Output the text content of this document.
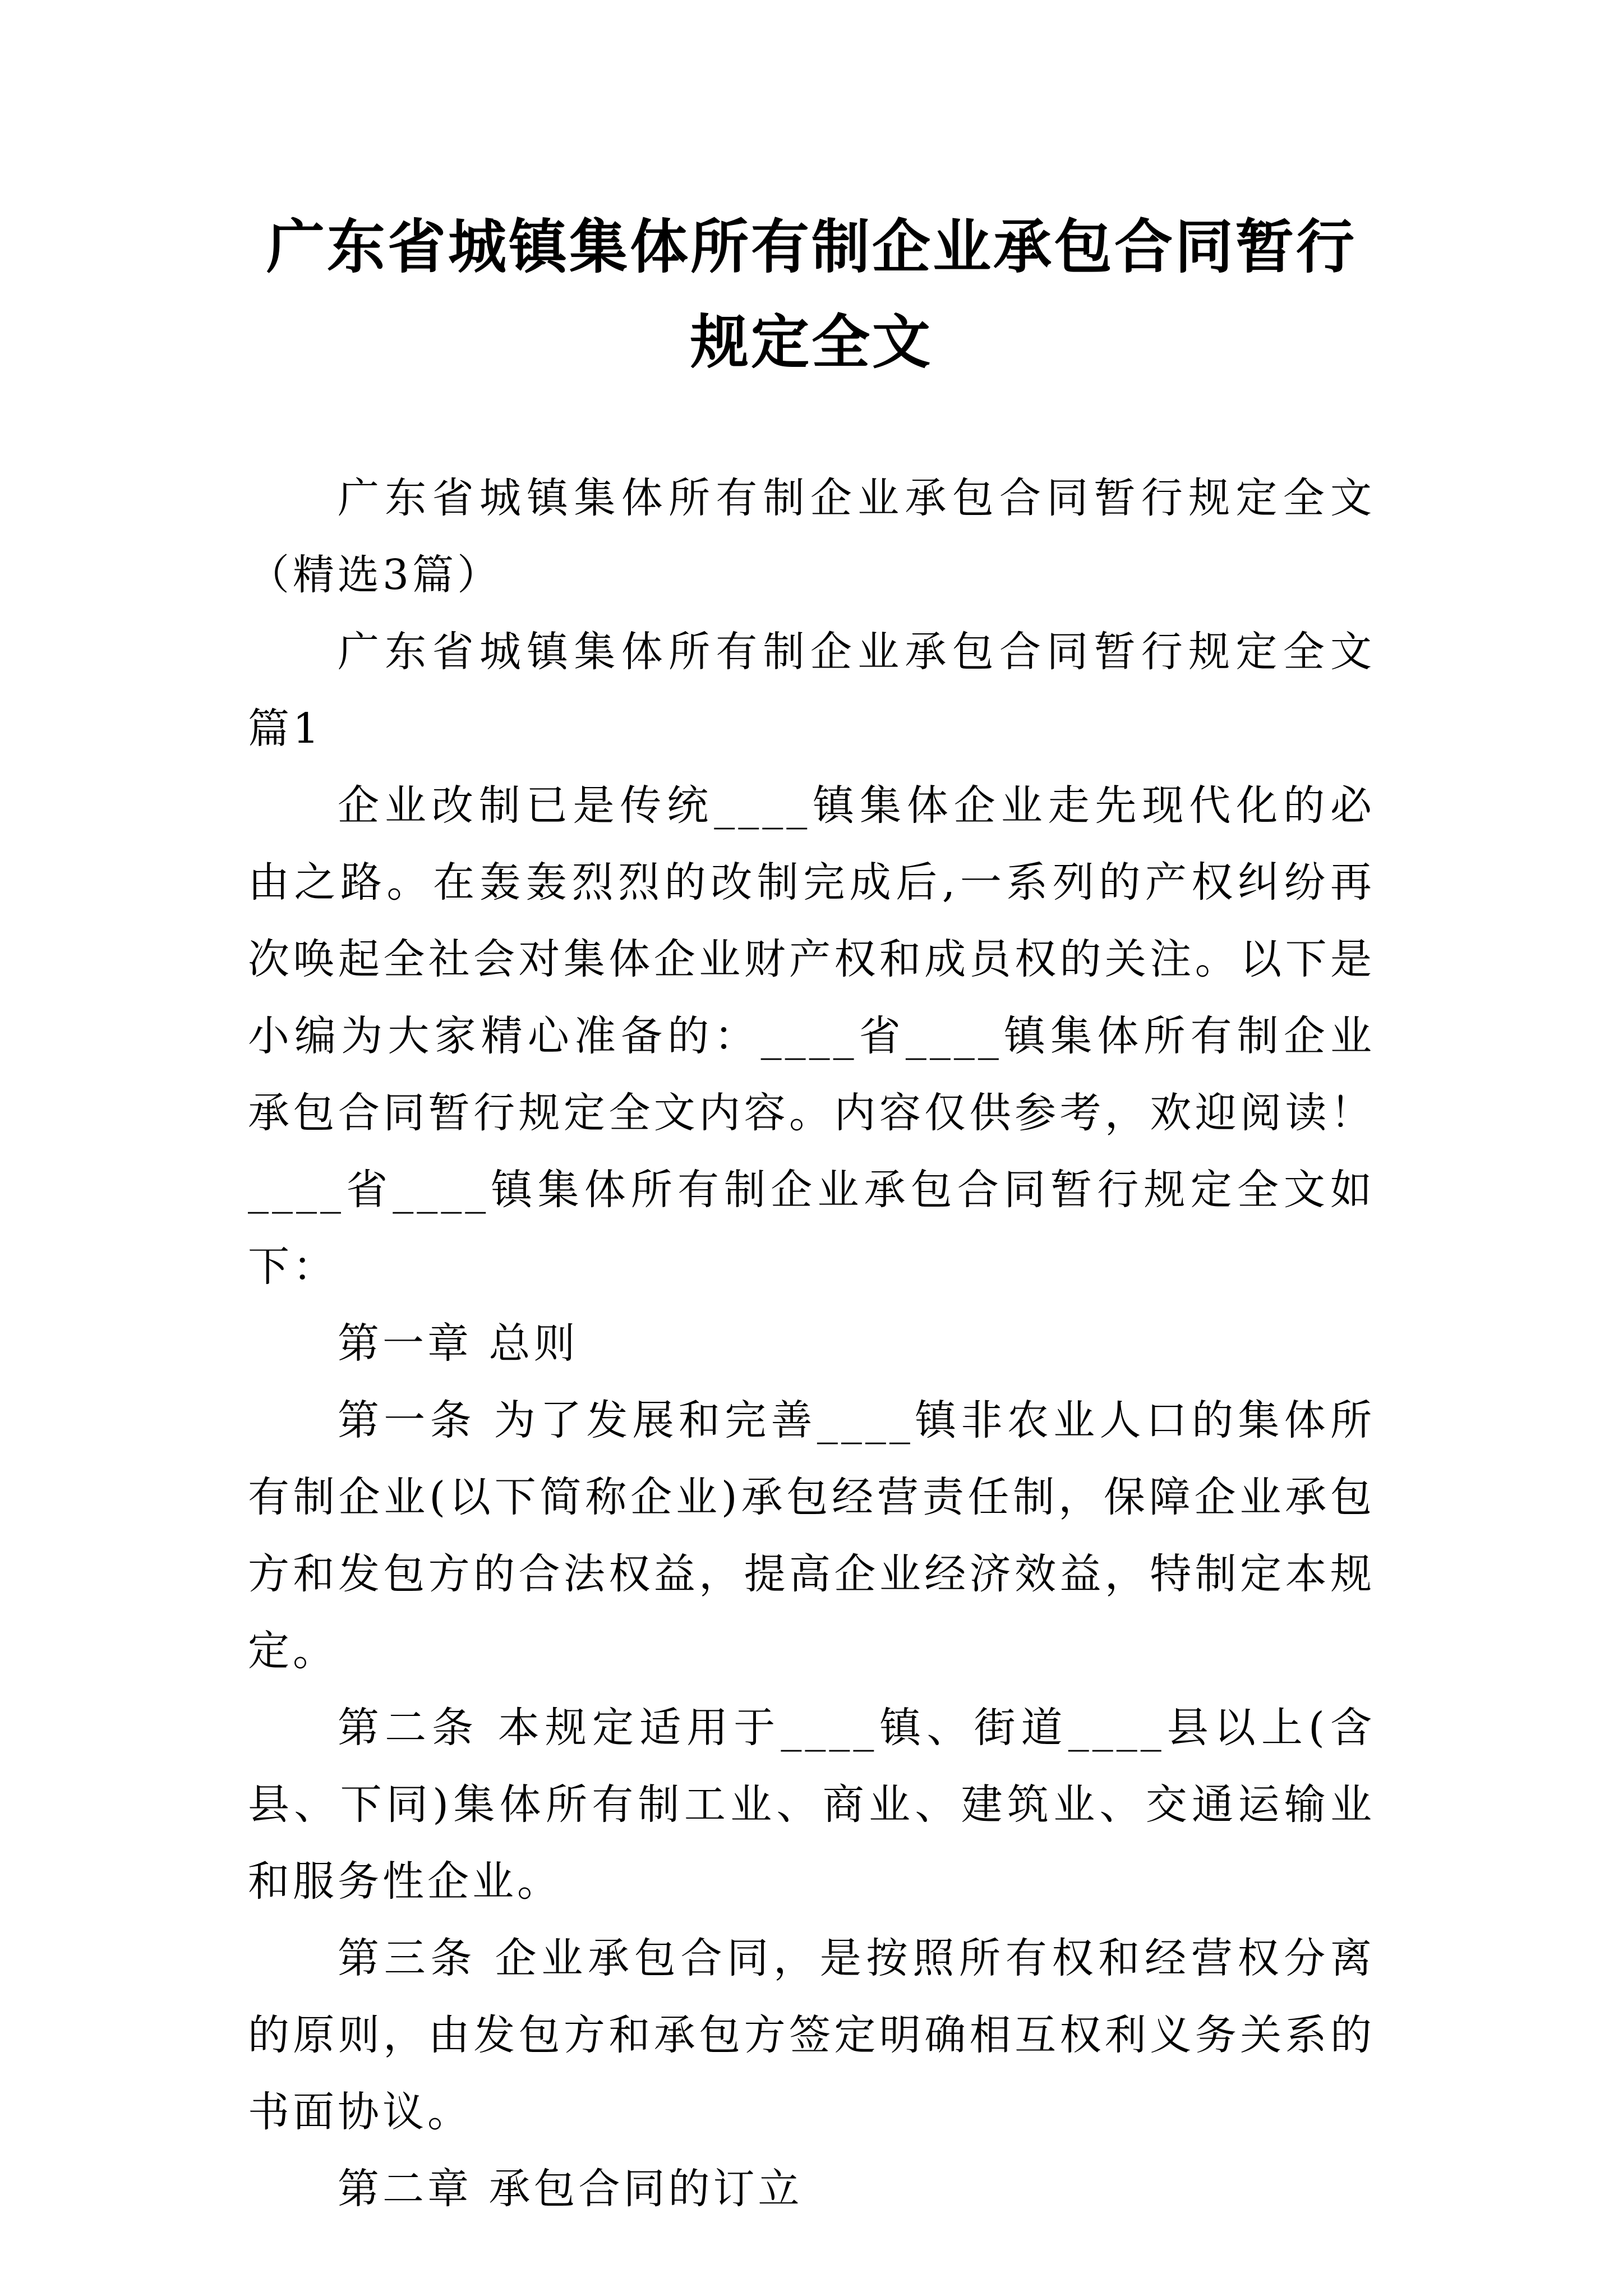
广东省城镇集体所有制企业承包合同暂行规定全文

广东省城镇集体所有制企业承包合同暂行规定全文（精选3篇）

广东省城镇集体所有制企业承包合同暂行规定全文 篇1

企业改制已是传统____镇集体企业走先现代化的必由之路。在轰轰烈烈的改制完成后,一系列的产权纠纷再次唤起全社会对集体企业财产权和成员权的关注。以下是小编为大家精心准备的：____省____镇集体所有制企业承包合同暂行规定全文内容。内容仅供参考，欢迎阅读！____省____镇集体所有制企业承包合同暂行规定全文如下：

第一章 总则

第一条 为了发展和完善____镇非农业人口的集体所有制企业(以下简称企业)承包经营责任制，保障企业承包方和发包方的合法权益，提高企业经济效益，特制定本规定。

第二条 本规定适用于____镇、街道____县以上(含县、下同)集体所有制工业、商业、建筑业、交通运输业和服务性企业。

第三条 企业承包合同，是按照所有权和经营权分离的原则，由发包方和承包方签定明确相互权利义务关系的书面协议。

第二章 承包合同的订立
